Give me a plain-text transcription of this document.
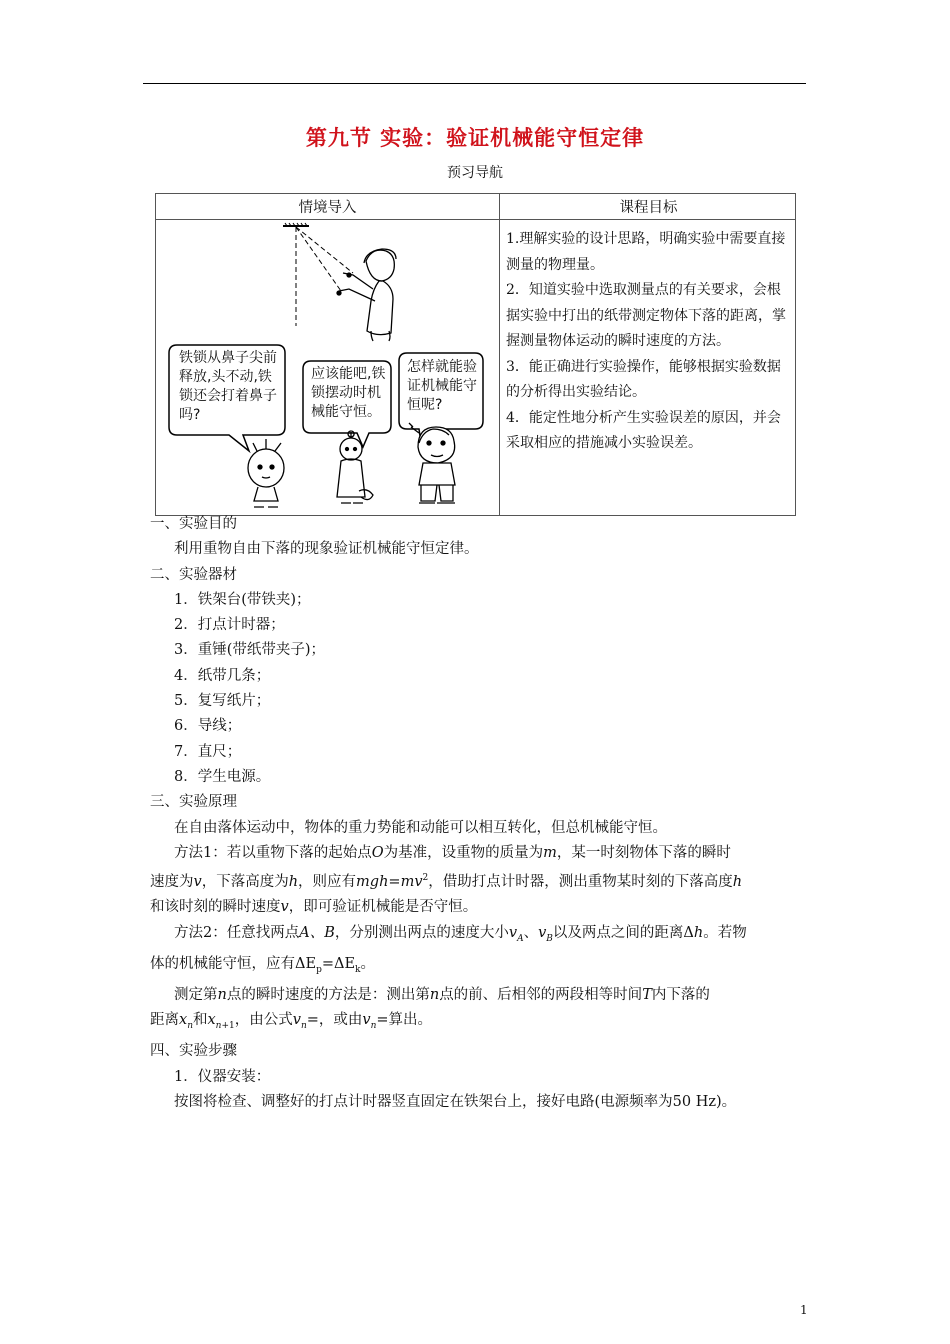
第九节 实验：验证机械能守恒定律
预习导航
情境导入	课程目标
铁锁从鼻子尖前释放,头不动,铁锁还会打着鼻子吗?
应该能吧,铁锁摆动时机械能守恒。
怎样就能验证机械能守恒呢?

1.理解实验的设计思路，明确实验中需要直接测量的物理量。

2．知道实验中选取测量点的有关要求，会根据实验中打出的纸带测定物体下落的距离，掌握测量物体运动的瞬时速度的方法。

3．能正确进行实验操作，能够根据实验数据的分析得出实验结论。

4．能定性地分析产生实验误差的原因，并会采取相应的措施减小实验误差。

一、实验目的

利用重物自由下落的现象验证机械能守恒定律。

二、实验器材

1．铁架台(带铁夹)；

2．打点计时器；

3．重锤(带纸带夹子)；

4．纸带几条；

5．复写纸片；

6．导线；

7．直尺；

8．学生电源。

三、实验原理

在自由落体运动中，物体的重力势能和动能可以相互转化，但总机械能守恒。

方法1：若以重物下落的起始点O为基准，设重物的质量为m，某一时刻物体下落的瞬时

速度为v，下落高度为h，则应有$mgh=mv^2$，借助打点计时器，测出重物某时刻的下落高度h

和该时刻的瞬时速度v，即可验证机械能是否守恒。

方法2：任意找两点A、B，分别测出两点的速度大小$v_A$、$v_B$以及两点之间的距离Δh。若物

体的机械能守恒，应有$\Delta E_p=\Delta E_k$。

测定第n点的瞬时速度的方法是：测出第n点的前、后相邻的两段相等时间T内下落的

距离$x_n$和$x_{n+1}$，由公式$v_n=$，或由$v_n=$算出。

四、实验步骤

1．仪器安装：

按图将检查、调整好的打点计时器竖直固定在铁架台上，接好电路(电源频率为50 Hz)。

1
